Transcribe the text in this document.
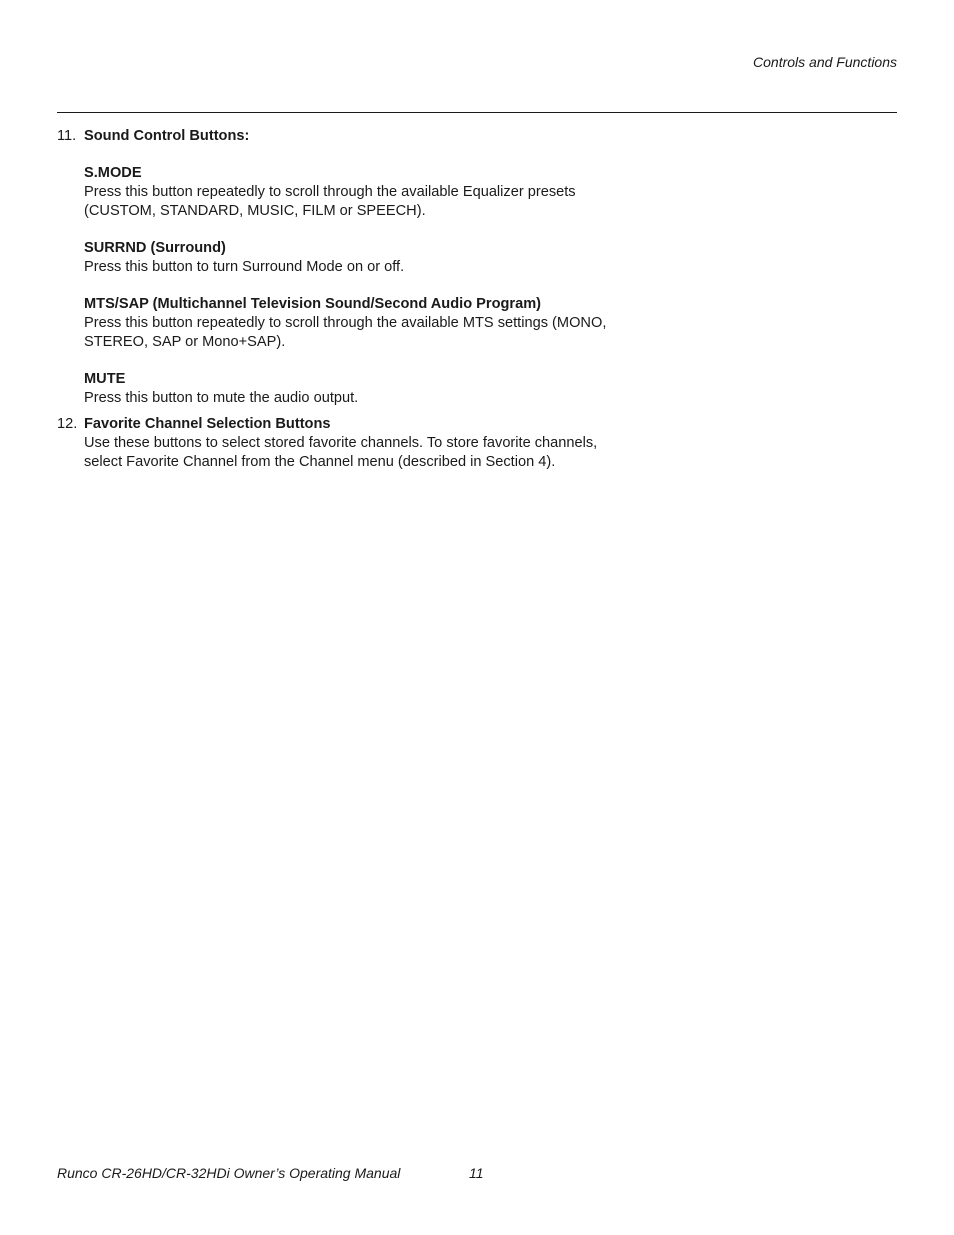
Controls and Functions
11. Sound Control Buttons:
S.MODE
Press this button repeatedly to scroll through the available Equalizer presets
(CUSTOM, STANDARD, MUSIC, FILM or SPEECH).
SURRND (Surround)
Press this button to turn Surround Mode on or off.
MTS/SAP (Multichannel Television Sound/Second Audio Program)
Press this button repeatedly to scroll through the available MTS settings (MONO,
STEREO, SAP or Mono+SAP).
MUTE
Press this button to mute the audio output.
12. Favorite Channel Selection Buttons
Use these buttons to select stored favorite channels. To store favorite channels,
select Favorite Channel from the Channel menu (described in Section 4).
Runco CR-26HD/CR-32HDi Owner’s Operating Manual	11
